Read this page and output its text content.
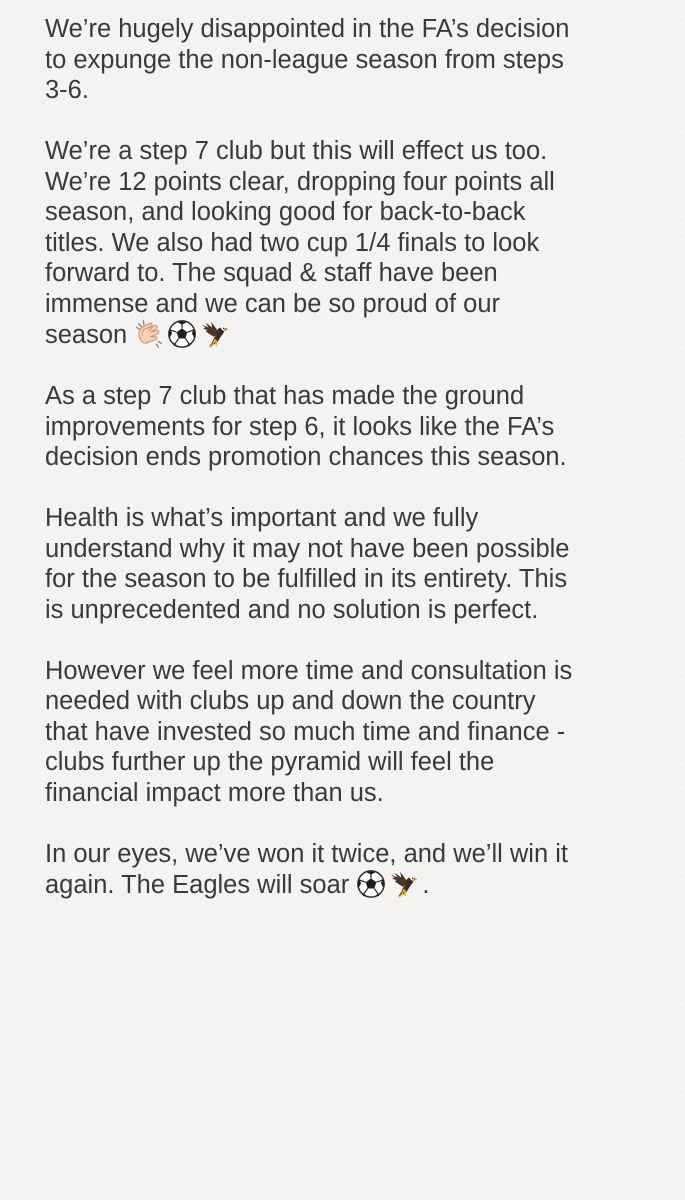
We’re hugely disappointed in the FA’s decision
to expunge the non-league season from steps
3-6.
We’re a step 7 club but this will effect us too.
We’re 12 points clear, dropping four points all
season, and looking good for back-to-back
titles. We also had two cup 1/4 finals to look
forward to. The squad & staff have been
immense and we can be so proud of our
season
As a step 7 club that has made the ground
improvements for step 6, it looks like the FA’s
decision ends promotion chances this season.
Health is what’s important and we fully
understand why it may not have been possible
for the season to be fulfilled in its entirety. This
is unprecedented and no solution is perfect.
However we feel more time and consultation is
needed with clubs up and down the country
that have invested so much time and finance -
clubs further up the pyramid will feel the
financial impact more than us.
In our eyes, we’ve won it twice, and we’ll win it
again. The Eagles will soar	.
